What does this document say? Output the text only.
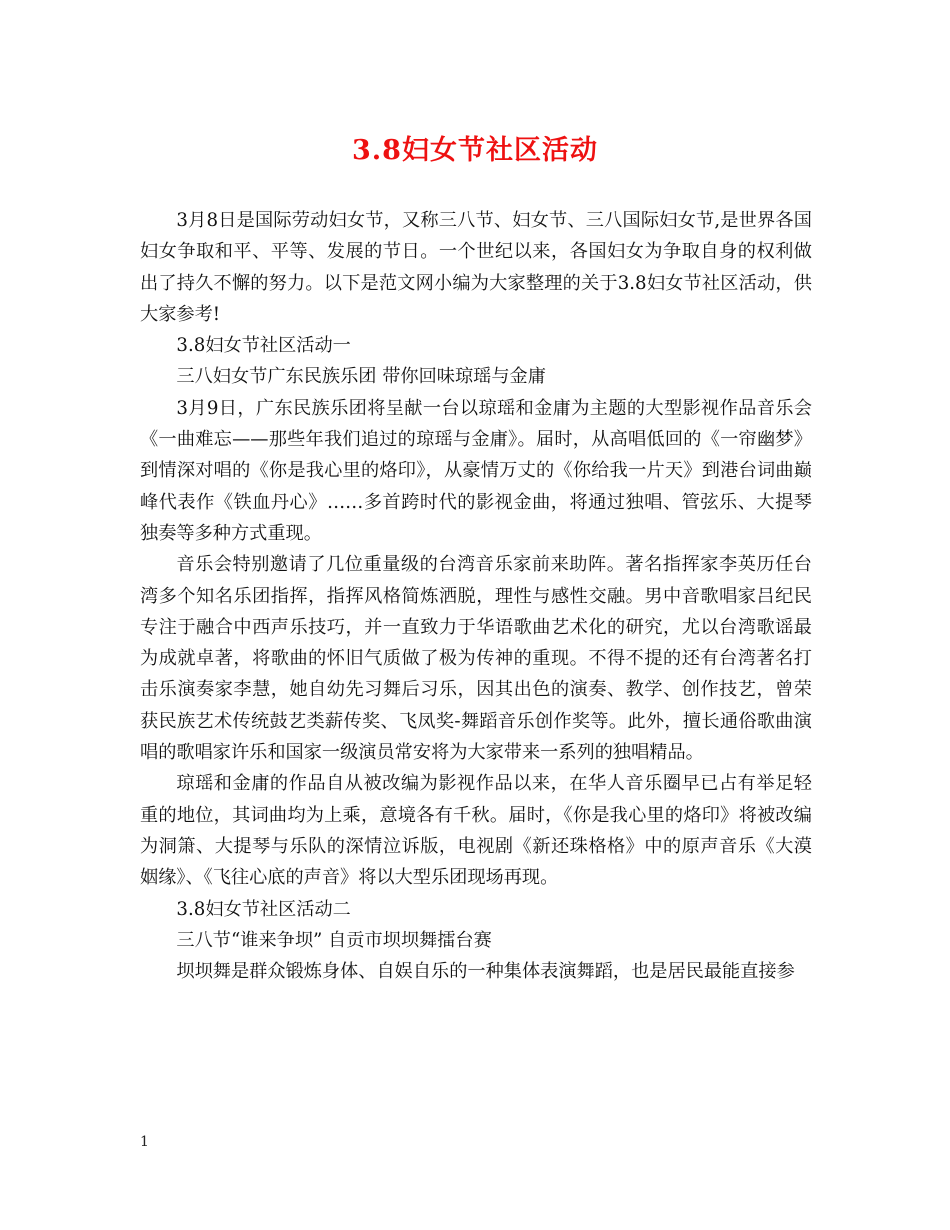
3.8妇女节社区活动

3月8日是国际劳动妇女节，又称三八节、妇女节、三八国际妇女节,是世界各国妇女争取和平、平等、发展的节日。一个世纪以来，各国妇女为争取自身的权利做出了持久不懈的努力。以下是范文网小编为大家整理的关于3.8妇女节社区活动，供大家参考!

3.8妇女节社区活动一

三八妇女节广东民族乐团 带你回味琼瑶与金庸

3月9日，广东民族乐团将呈献一台以琼瑶和金庸为主题的大型影视作品音乐会《一曲难忘——那些年我们追过的琼瑶与金庸》。届时，从高唱低回的《一帘幽梦》到情深对唱的《你是我心里的烙印》，从豪情万丈的《你给我一片天》到港台词曲巅峰代表作《铁血丹心》……多首跨时代的影视金曲，将通过独唱、管弦乐、大提琴独奏等多种方式重现。

音乐会特别邀请了几位重量级的台湾音乐家前来助阵。著名指挥家李英历任台湾多个知名乐团指挥，指挥风格简炼洒脱，理性与感性交融。男中音歌唱家吕纪民专注于融合中西声乐技巧，并一直致力于华语歌曲艺术化的研究，尤以台湾歌谣最为成就卓著，将歌曲的怀旧气质做了极为传神的重现。不得不提的还有台湾著名打击乐演奏家李慧，她自幼先习舞后习乐，因其出色的演奏、教学、创作技艺，曾荣获民族艺术传统鼓艺类薪传奖、飞凤奖-舞蹈音乐创作奖等。此外，擅长通俗歌曲演唱的歌唱家许乐和国家一级演员常安将为大家带来一系列的独唱精品。

琼瑶和金庸的作品自从被改编为影视作品以来，在华人音乐圈早已占有举足轻重的地位，其词曲均为上乘，意境各有千秋。届时，《你是我心里的烙印》将被改编为洞箫、大提琴与乐队的深情泣诉版，电视剧《新还珠格格》中的原声音乐《大漠姻缘》、《飞往心底的声音》将以大型乐团现场再现。

3.8妇女节社区活动二

三八节“谁来争坝” 自贡市坝坝舞擂台赛

坝坝舞是群众锻炼身体、自娱自乐的一种集体表演舞蹈，也是居民最能直接参

1
